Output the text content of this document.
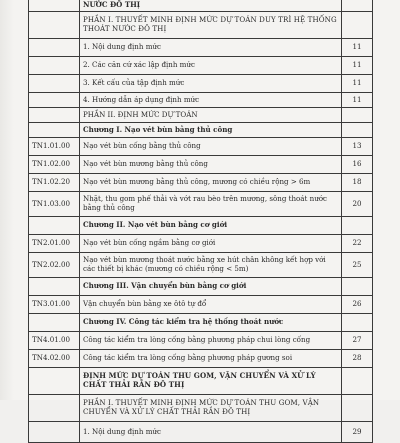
	NƯỚC ĐÔ THỊ	
	PHẦN I. THUYẾT MINH ĐỊNH MỨC DỰ TOÁN DUY TRÌ HỆ THỐNG THOÁT NƯỚC ĐÔ THỊ	
	1. Nội dung định mức	11
	2. Các căn cứ xác lập định mức	11
	3. Kết cấu của tập định mức	11
	4. Hướng dẫn áp dụng định mức	11
	PHẦN II. ĐỊNH MỨC DỰ TOÁN	
	Chương I. Nạo vét bùn bằng thủ công	
TN1.01.00	Nạo vét bùn cống bằng thủ công	13
TN1.02.00	Nạo vét bùn mương bằng thủ công	16
TN1.02.20	Nạo vét bùn mương bằng thủ công, mương có chiều rộng > 6m	18
TN1.03.00	Nhặt, thu gom phế thải và vớt rau bèo trên mương, sông thoát nước bằng thủ công	20
	Chương II. Nạo vét bùn bằng cơ giới	
TN2.01.00	Nạo vét bùn cống ngầm bằng cơ giới	22
TN2.02.00	Nạo vét bùn mương thoát nước bằng xe hút chân không kết hợp với các thiết bị khác (mương có chiều rộng < 5m)	25
	Chương III. Vận chuyển bùn bằng cơ giới	
TN3.01.00	Vận chuyển bùn bằng xe ôtô tự đổ	26
	Chương IV. Công tác kiểm tra hệ thống thoát nước	
TN4.01.00	Công tác kiểm tra lòng cống bằng phương pháp chui lòng cống	27
TN4.02.00	Công tác kiểm tra lòng cống bằng phương pháp gương soi	28
	ĐỊNH MỨC DỰ TOÁN THU GOM, VẬN CHUYỂN VÀ XỬ LÝ CHẤT THẢI RẮN ĐÔ THỊ	
	PHẦN I. THUYẾT MINH ĐỊNH MỨC DỰ TOÁN THU GOM, VẬN CHUYỂN VÀ XỬ LÝ CHẤT THẢI RẮN ĐÔ THỊ	
	1. Nội dung định mức	29
